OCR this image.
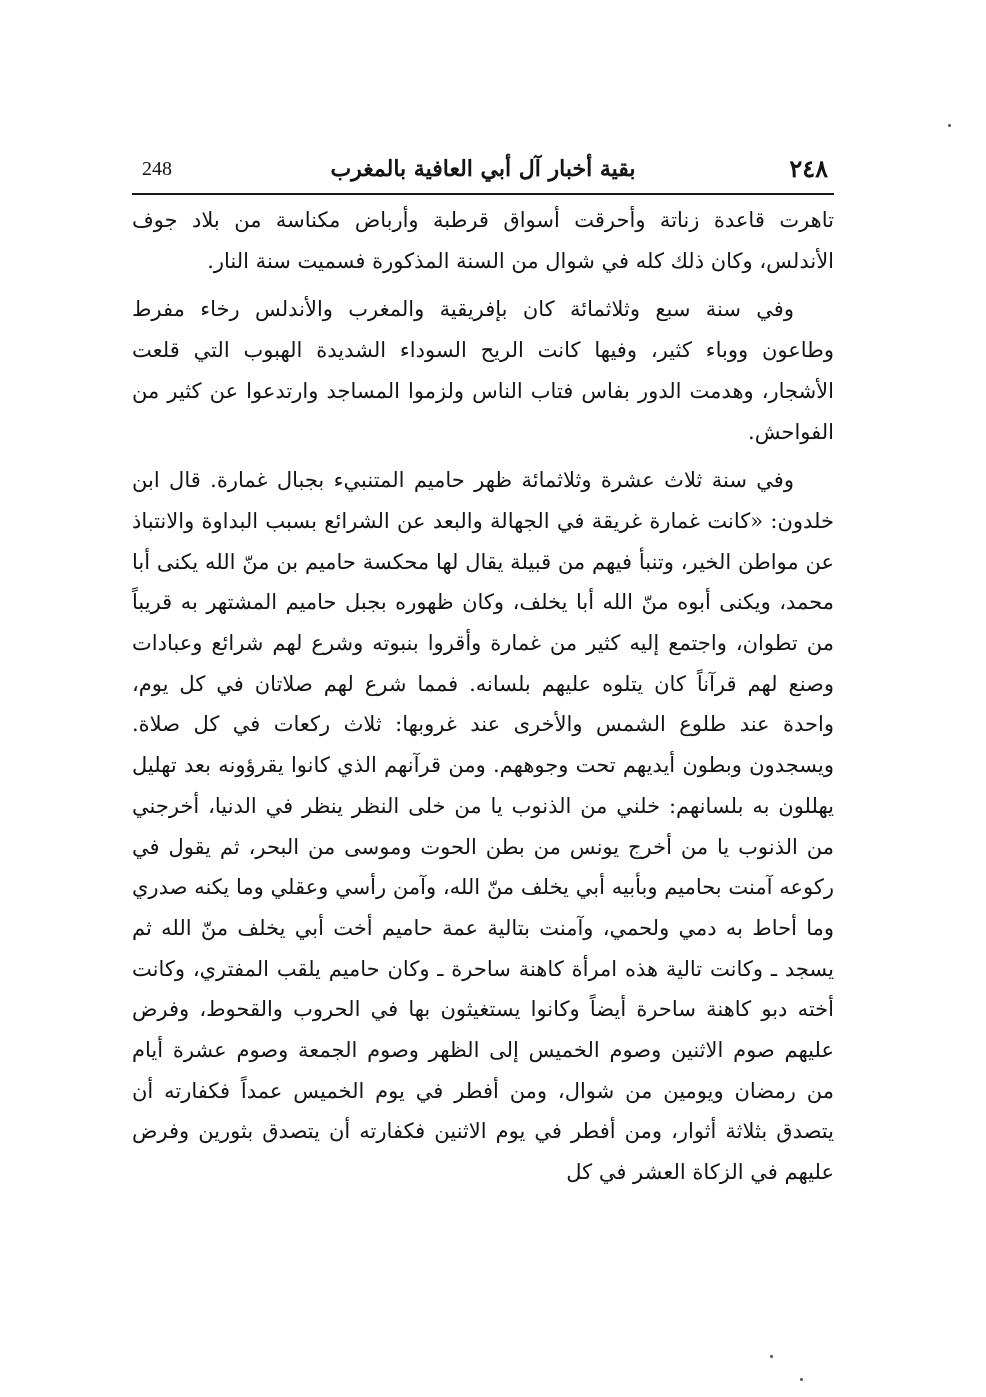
248	بقية أخبار آل أبي العافية بالمغرب	٢٤٨

تاهرت قاعدة زناتة وأحرقت أسواق قرطبة وأرباض مكناسة من بلاد جوف الأندلس، وكان ذلك كله في شوال من السنة المذكورة فسميت سنة النار.

وفي سنة سبع وثلاثمائة كان بإفريقية والمغرب والأندلس رخاء مفرط وطاعون ووباء كثير، وفيها كانت الريح السوداء الشديدة الهبوب التي قلعت الأشجار، وهدمت الدور بفاس فتاب الناس ولزموا المساجد وارتدعوا عن كثير من الفواحش.

وفي سنة ثلاث عشرة وثلاثمائة ظهر حاميم المتنبيء بجبال غمارة. قال ابن خلدون: «كانت غمارة غريقة في الجهالة والبعد عن الشرائع بسبب البداوة والانتباذ عن مواطن الخير، وتنبأ فيهم من قبيلة يقال لها محكسة حاميم بن منّ الله يكنى أبا محمد، ويكنى أبوه منّ الله أبا يخلف، وكان ظهوره بجبل حاميم المشتهر به قريباً من تطوان، واجتمع إليه كثير من غمارة وأقروا بنبوته وشرع لهم شرائع وعبادات وصنع لهم قرآناً كان يتلوه عليهم بلسانه. فمما شرع لهم صلاتان في كل يوم، واحدة عند طلوع الشمس والأخرى عند غروبها: ثلاث ركعات في كل صلاة. ويسجدون وبطون أيديهم تحت وجوههم. ومن قرآنهم الذي كانوا يقرؤونه بعد تهليل يهللون به بلسانهم: خلني من الذنوب يا من خلى النظر ينظر في الدنيا، أخرجني من الذنوب يا من أخرج يونس من بطن الحوت وموسى من البحر، ثم يقول في ركوعه آمنت بحاميم وبأبيه أبي يخلف منّ الله، وآمن رأسي وعقلي وما يكنه صدري وما أحاط به دمي ولحمي، وآمنت بتالية عمة حاميم أخت أبي يخلف منّ الله ثم يسجد ـ وكانت تالية هذه امرأة كاهنة ساحرة ـ وكان حاميم يلقب المفتري، وكانت أخته دبو كاهنة ساحرة أيضاً وكانوا يستغيثون بها في الحروب والقحوط، وفرض عليهم صوم الاثنين وصوم الخميس إلى الظهر وصوم الجمعة وصوم عشرة أيام من رمضان ويومين من شوال، ومن أفطر في يوم الخميس عمداً فكفارته أن يتصدق بثلاثة أثوار، ومن أفطر في يوم الاثنين فكفارته أن يتصدق بثورين وفرض عليهم في الزكاة العشر في كل
